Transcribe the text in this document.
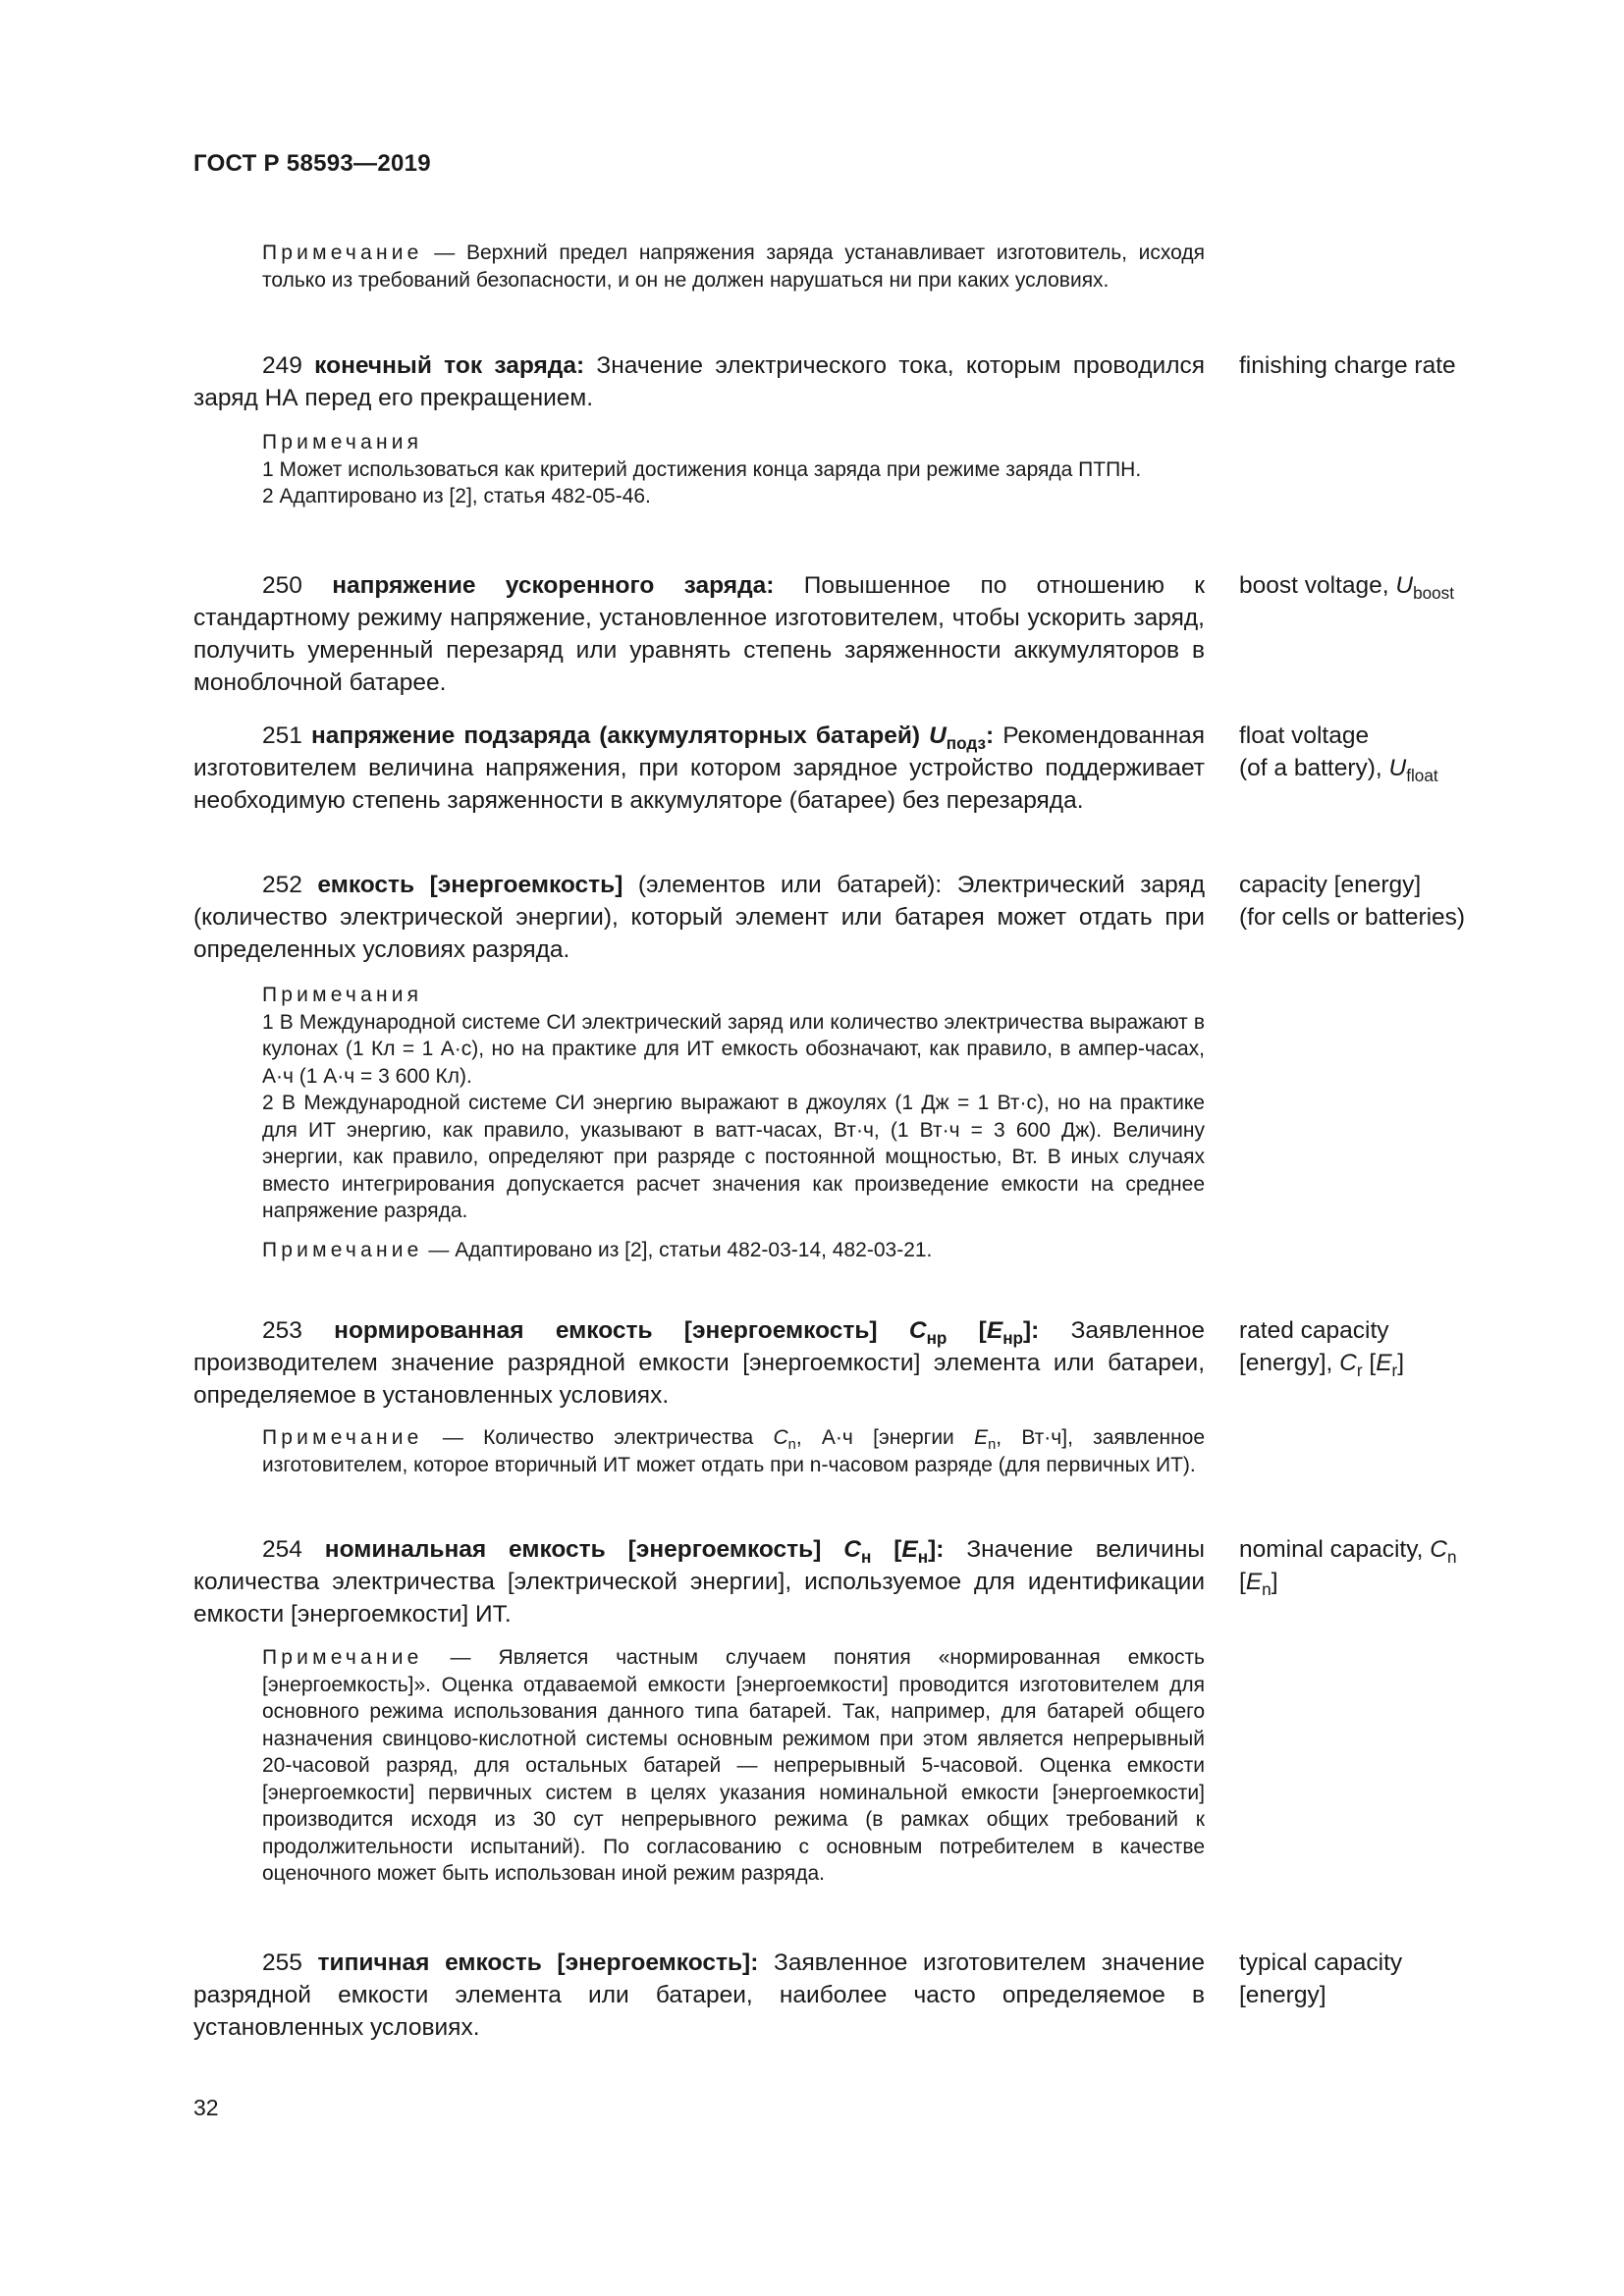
ГОСТ Р 58593—2019

Примечание — Верхний предел напряжения заряда устанавливает изготовитель, исходя только из требований безопасности, и он не должен нарушаться ни при каких условиях.

249 конечный ток заряда: Значение электрического тока, которым проводился заряд НА перед его прекращением.
finishing charge rate

Примечания

1 Может использоваться как критерий достижения конца заряда при режиме заряда ПТПН.

2 Адаптировано из [2], статья 482-05-46.

250 напряжение ускоренного заряда: Повышенное по отношению к стандартному режиму напряжение, установленное изготовителем, чтобы ускорить заряд, получить умеренный перезаряд или уравнять степень заряженности аккумуляторов в моноблочной батарее.
boost voltage, $U_{boost}$
251 напряжение подзаряда (аккумуляторных батарей) $U_{подз}$: Рекомендованная изготовителем величина напряжения, при котором зарядное устройство поддерживает необходимую степень заряженности в аккумуляторе (батарее) без перезаряда.
float voltage
(of a battery), $U_{float}$
252 емкость [энергоемкость] (элементов или батарей): Электрический заряд (количество электрической энергии), который элемент или батарея может отдать при определенных условиях разряда.
capacity [energy]
(for cells or batteries)

Примечания

1 В Международной системе СИ электрический заряд или количество электричества выражают в кулонах (1 Кл = 1 А·с), но на практике для ИТ емкость обозначают, как правило, в ампер-часах, А·ч (1 А·ч = 3 600 Кл).

2 В Международной системе СИ энергию выражают в джоулях (1 Дж = 1 Вт·с), но на практике для ИТ энергию, как правило, указывают в ватт-часах, Вт·ч, (1 Вт·ч = 3 600 Дж). Величину энергии, как правило, определяют при разряде с постоянной мощностью, Вт. В иных случаях вместо интегрирования допускается расчет значения как произведение емкости на среднее напряжение разряда.

Примечание — Адаптировано из [2], статьи 482-03-14, 482-03-21.

253 нормированная емкость [энергоемкость] $С_{нр}$ $[E_{нр}]$: Заявленное производителем значение разрядной емкости [энергоемкости] элемента или батареи, определяемое в установленных условиях.
rated capacity
[energy], $C_r$ $[E_r]$

Примечание — Количество электричества $C_n$, А·ч [энергии $E_n$, Вт·ч], заявленное изготовителем, которое вторичный ИТ может отдать при n-часовом разряде (для первичных ИТ).

254 номинальная емкость [энергоемкость] $С_н$ $[E_н]$: Значение величины количества электричества [электрической энергии], используемое для идентификации емкости [энергоемкости] ИТ.
nominal capacity, $C_n$
$[E_n]$

Примечание — Является частным случаем понятия «нормированная емкость [энергоемкость]». Оценка отдаваемой емкости [энергоемкости] проводится изготовителем для основного режима использования данного типа батарей. Так, например, для батарей общего назначения свинцово-кислотной системы основным режимом при этом является непрерывный 20-часовой разряд, для остальных батарей — непрерывный 5-часовой. Оценка емкости [энергоемкости] первичных систем в целях указания номинальной емкости [энергоемкости] производится исходя из 30 сут непрерывного режима (в рамках общих требований к продолжительности испытаний). По согласованию с основным потребителем в качестве оценочного может быть использован иной режим разряда.

255 типичная емкость [энергоемкость]: Заявленное изготовителем значение разрядной емкости элемента или батареи, наиболее часто определяемое в установленных условиях.
typical capacity
[energy]
32
